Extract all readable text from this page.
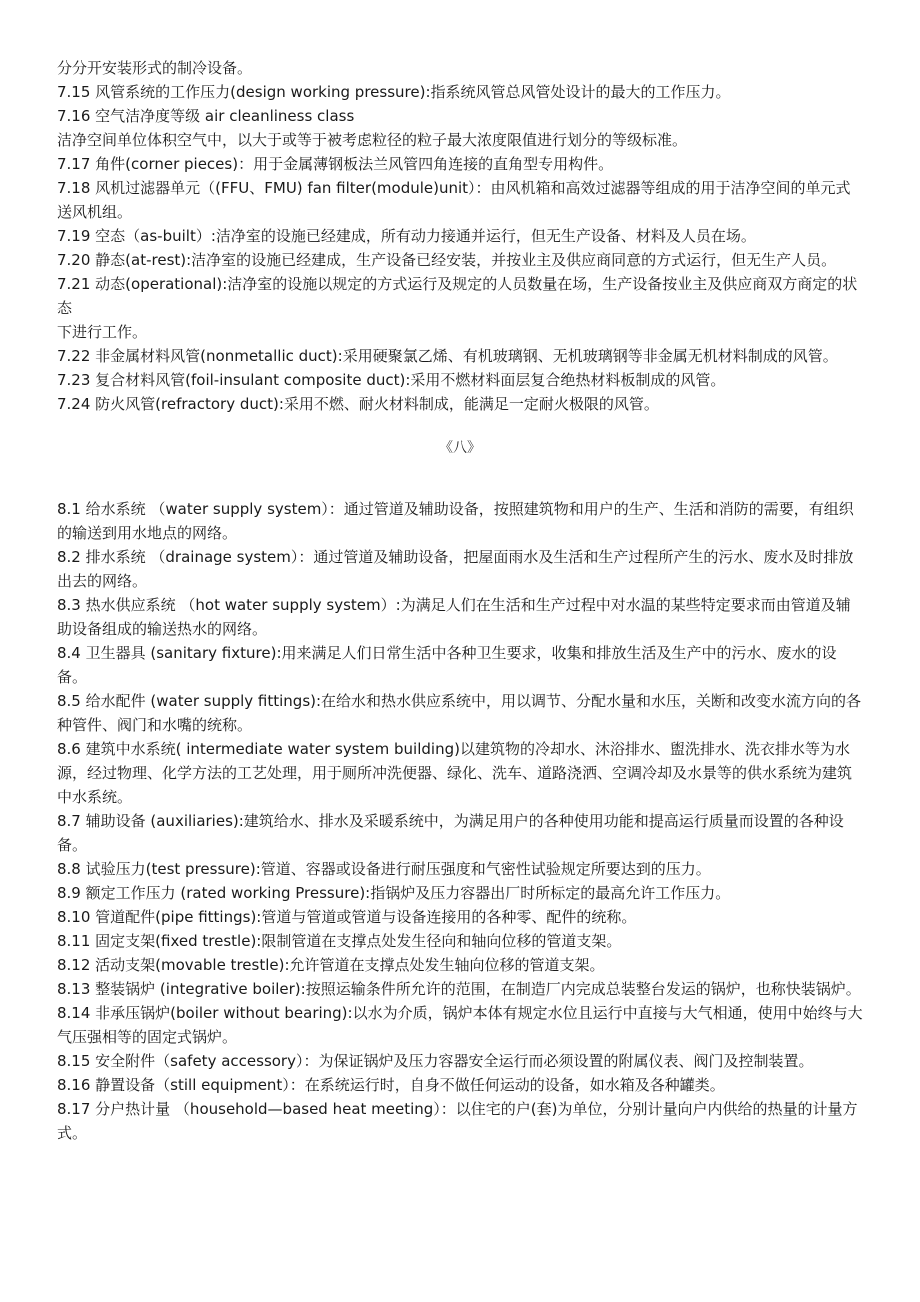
分分开安装形式的制冷设备。

7.15 风管系统的工作压力(design working pressure):指系统风管总风管处设计的最大的工作压力。

7.16 空气洁净度等级 air cleanliness class

洁净空间单位体积空气中，以大于或等于被考虑粒径的粒子最大浓度限值进行划分的等级标准。

7.17 角件(corner pieces)：用于金属薄钢板法兰风管四角连接的直角型专用构件。

7.18 风机过滤器单元（(FFU、FMU) fan filter(module)unit）：由风机箱和高效过滤器等组成的用于洁净空间的单元式送风机组。

7.19 空态（as-built）:洁净室的设施已经建成，所有动力接通并运行，但无生产设备、材料及人员在场。

7.20 静态(at-rest):洁净室的设施已经建成，生产设备已经安装，并按业主及供应商同意的方式运行，但无生产人员。

7.21 动态(operational):洁净室的设施以规定的方式运行及规定的人员数量在场，生产设备按业主及供应商双方商定的状态

下进行工作。

7.22 非金属材料风管(nonmetallic duct):采用硬聚氯乙烯、有机玻璃钢、无机玻璃钢等非金属无机材料制成的风管。

7.23 复合材料风管(foil-insulant composite duct):采用不燃材料面层复合绝热材料板制成的风管。

7.24 防火风管(refractory duct):采用不燃、耐火材料制成，能满足一定耐火极限的风管。

《八》

8.1 给水系统 （water supply system）：通过管道及辅助设备，按照建筑物和用户的生产、生活和消防的需要，有组织的输送到用水地点的网络。

8.2 排水系统 （drainage system）：通过管道及辅助设备，把屋面雨水及生活和生产过程所产生的污水、废水及时排放出去的网络。

8.3 热水供应系统 （hot water supply system）:为满足人们在生活和生产过程中对水温的某些特定要求而由管道及辅助设备组成的输送热水的网络。

8.4 卫生器具 (sanitary fixture):用来满足人们日常生活中各种卫生要求，收集和排放生活及生产中的污水、废水的设备。

8.5 给水配件 (water supply fittings):在给水和热水供应系统中，用以调节、分配水量和水压，关断和改变水流方向的各种管件、阀门和水嘴的统称。

8.6 建筑中水系统( intermediate water system building)以建筑物的冷却水、沐浴排水、盥洗排水、洗衣排水等为水源，经过物理、化学方法的工艺处理，用于厕所冲洗便器、绿化、洗车、道路浇洒、空调冷却及水景等的供水系统为建筑中水系统。

8.7 辅助设备 (auxiliaries):建筑给水、排水及采暖系统中，为满足用户的各种使用功能和提高运行质量而设置的各种设备。

8.8 试验压力(test pressure):管道、容器或设备进行耐压强度和气密性试验规定所要达到的压力。

8.9 额定工作压力 (rated working Pressure):指锅炉及压力容器出厂时所标定的最高允许工作压力。

8.10 管道配件(pipe fittings):管道与管道或管道与设备连接用的各种零、配件的统称。

8.11 固定支架(fixed trestle):限制管道在支撑点处发生径向和轴向位移的管道支架。

8.12 活动支架(movable trestle):允许管道在支撑点处发生轴向位移的管道支架。

8.13 整装锅炉 (integrative boiler):按照运输条件所允许的范围，在制造厂内完成总装整台发运的锅炉，也称快装锅炉。

8.14 非承压锅炉(boiler without bearing):以水为介质，锅炉本体有规定水位且运行中直接与大气相通，使用中始终与大气压强相等的固定式锅炉。

8.15 安全附件（safety accessory）：为保证锅炉及压力容器安全运行而必须设置的附属仪表、阀门及控制装置。

8.16 静置设备（still equipment）：在系统运行时，自身不做任何运动的设备，如水箱及各种罐类。

8.17 分户热计量 （household—based heat meeting）：以住宅的户(套)为单位，分别计量向户内供给的热量的计量方式。
